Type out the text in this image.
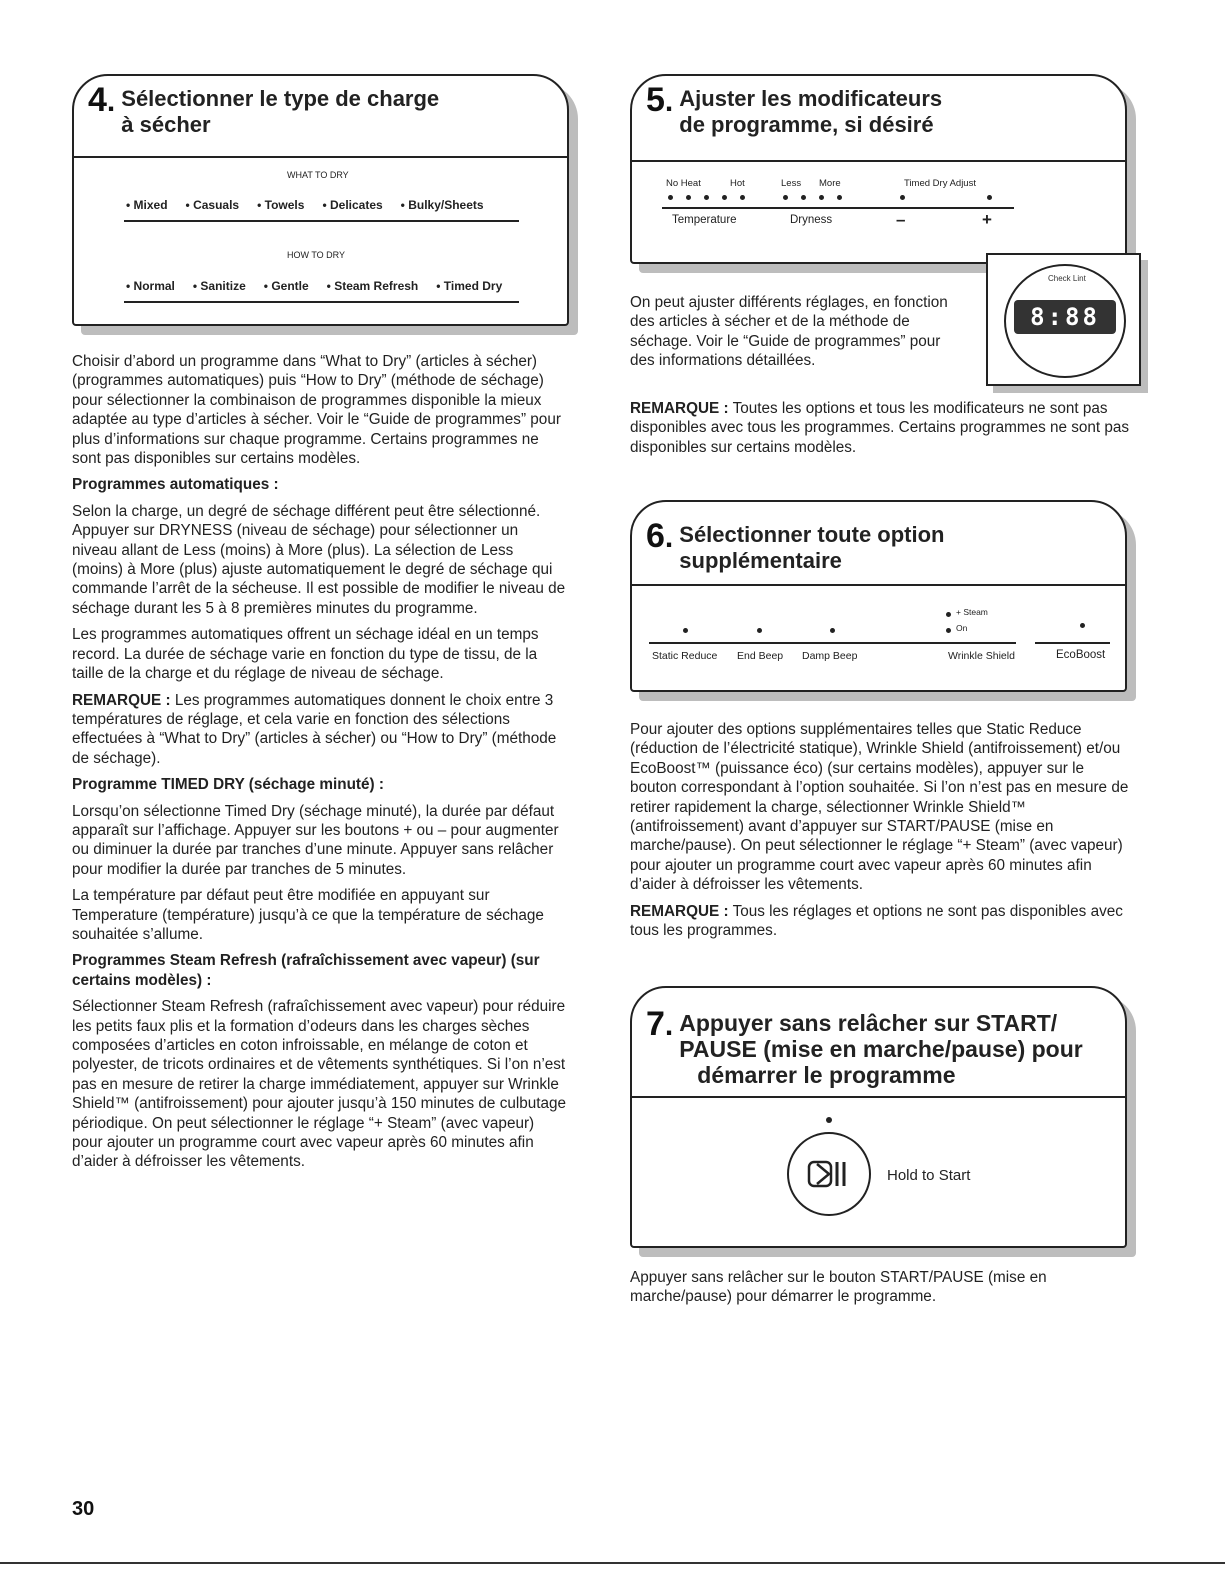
4. Sélectionner le type de charge
à sécher
WHAT TO DRY
• Mixed • Casuals • Towels • Delicates • Bulky/Sheets
HOW TO DRY
• Normal • Sanitize • Gentle • Steam Refresh • Timed Dry

Choisir d’abord un programme dans “What to Dry” (articles à sécher) (programmes automatiques) puis “How to Dry” (méthode de séchage) pour sélectionner la combinaison de programmes disponible la mieux adaptée au type d’articles à sécher. Voir le “Guide de programmes” pour plus d’informations sur chaque programme. Certains programmes ne sont pas disponibles sur certains modèles.

Programmes automatiques :

Selon la charge, un degré de séchage différent peut être sélectionné. Appuyer sur DRYNESS (niveau de séchage) pour sélectionner un niveau allant de Less (moins) à More (plus). La sélection de Less (moins) à More (plus) ajuste automatiquement le degré de séchage qui commande l’arrêt de la sécheuse. Il est possible de modifier le niveau de séchage durant les 5 à 8 premières minutes du programme.

Les programmes automatiques offrent un séchage idéal en un temps record. La durée de séchage varie en fonction du type de tissu, de la taille de la charge et du réglage de niveau de séchage.

REMARQUE : Les programmes automatiques donnent le choix entre 3 températures de réglage, et cela varie en fonction des sélections effectuées à “What to Dry” (articles à sécher) ou “How to Dry” (méthode de séchage).

Programme TIMED DRY (séchage minuté) :

Lorsqu’on sélectionne Timed Dry (séchage minuté), la durée par défaut apparaît sur l’affichage. Appuyer sur les boutons + ou – pour augmenter ou diminuer la durée par tranches d’une minute. Appuyer sans relâcher pour modifier la durée par tranches de 5 minutes.

La température par défaut peut être modifiée en appuyant sur Temperature (température) jusqu’à ce que la température de séchage souhaitée s’allume.

Programmes Steam Refresh (rafraîchissement avec vapeur) (sur certains modèles) :

Sélectionner Steam Refresh (rafraîchissement avec vapeur) pour réduire les petits faux plis et la formation d’odeurs dans les charges sèches composées d’articles en coton infroissable, en mélange de coton et polyester, de tricots ordinaires et de vêtements synthétiques. Si l’on n’est pas en mesure de retirer la charge immédiatement, appuyer sur Wrinkle Shield™ (antifroissement) pour ajouter jusqu’à 150 minutes de culbutage périodique. On peut sélectionner le réglage “+ Steam” (avec vapeur) pour ajouter un programme court avec vapeur après 60 minutes afin d’aider à défroisser les vêtements.

5. Ajuster les modificateurs
de programme, si désiré
No Heat	Hot	Less More	Timed Dry Adjust
Temperature	Dryness	–	+
Check Lint
8:88

On peut ajuster différents réglages, en fonction des articles à sécher et de la méthode de séchage. Voir le “Guide de programmes” pour des informations détaillées.

REMARQUE : Toutes les options et tous les modificateurs ne sont pas disponibles avec tous les programmes. Certains programmes ne sont pas disponibles sur certains modèles.

6. Sélectionner toute option
supplémentaire
+ Steam
On
Static Reduce End Beep Damp Beep	Wrinkle Shield	EcoBoost

Pour ajouter des options supplémentaires telles que Static Reduce (réduction de l’électricité statique), Wrinkle Shield (antifroissement) et/ou EcoBoost™ (puissance éco) (sur certains modèles), appuyer sur le bouton correspondant à l’option souhaitée. Si l’on n’est pas en mesure de retirer rapidement la charge, sélectionner Wrinkle Shield™ (antifroissement) avant d’appuyer sur START/PAUSE (mise en marche/pause). On peut sélectionner le réglage “+ Steam” (avec vapeur) pour ajouter un programme court avec vapeur après 60 minutes afin d’aider à défroisser les vêtements.

REMARQUE : Tous les réglages et options ne sont pas disponibles avec tous les programmes.

7. Appuyer sans relâcher sur START/
PAUSE (mise en marche/pause) pour
démarrer le programme
Hold to Start

Appuyer sans relâcher sur le bouton START/PAUSE (mise en marche/pause) pour démarrer le programme.

30
